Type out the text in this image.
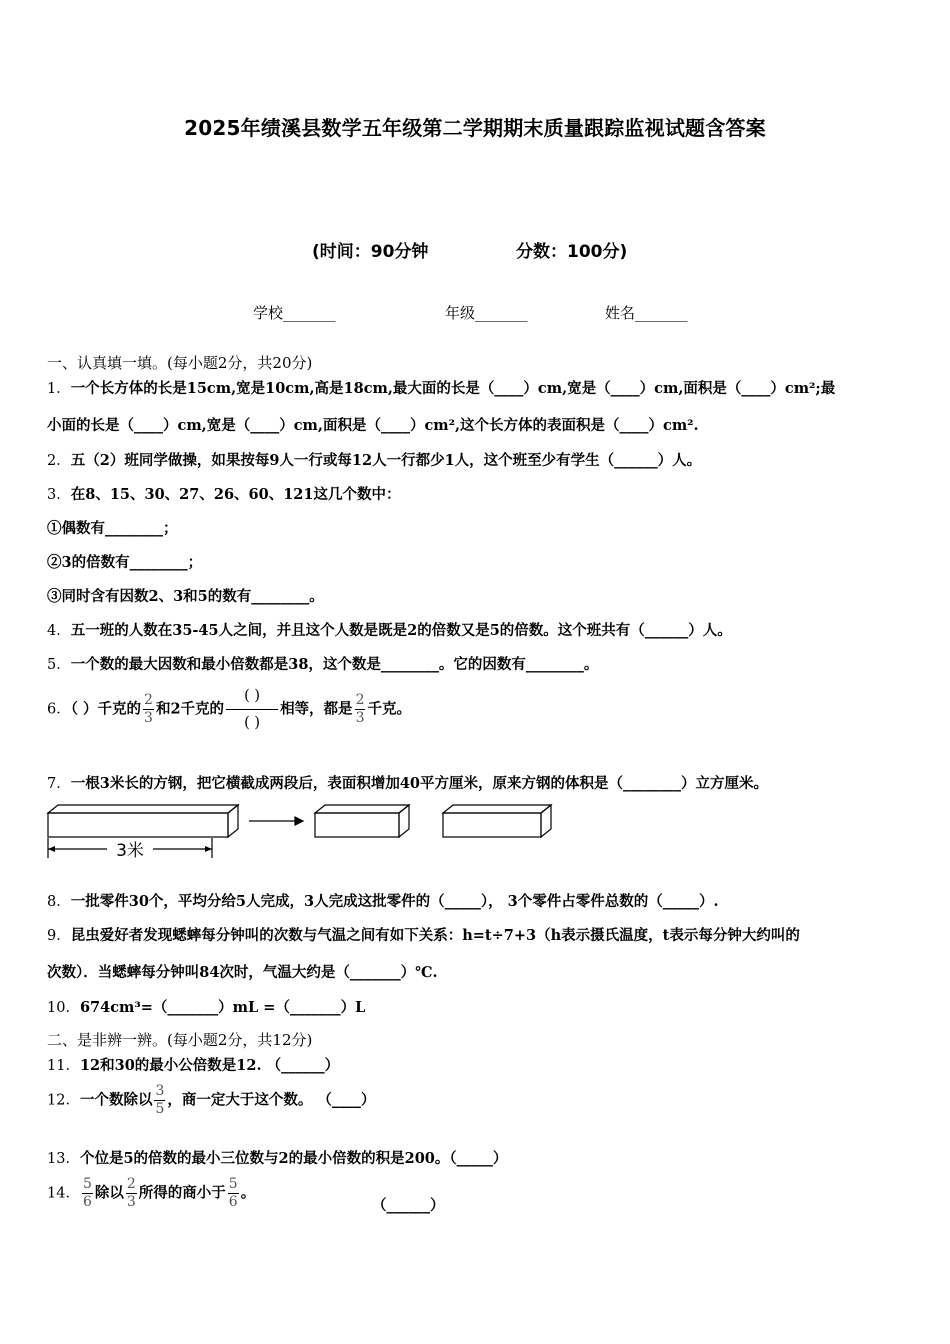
2025年绩溪县数学五年级第二学期期末质量跟踪监视试题含答案
(时间：90分钟	分数：100分)
学校_______	年级_______	姓名_______
一、认真填一填。(每小题2分，共20分)
1．一个长方体的长是15cm,宽是10cm,高是18cm,最大面的长是（____）cm,宽是（____）cm,面积是（____）cm²;最
小面的长是（____）cm,宽是（____）cm,面积是（____）cm²,这个长方体的表面积是（____）cm².
2．五（2）班同学做操，如果按每9人一行或每12人一行都少1人，这个班至少有学生（______）人。
3．在8、15、30、27、26、60、121这几个数中：
①偶数有________；
②3的倍数有________；
③同时含有因数2、3和5的数有________。
4．五一班的人数在35-45人之间，并且这个人数是既是2的倍数又是5的倍数。这个班共有（______）人。
5．一个数的最大因数和最小倍数都是38，这个数是________。它的因数有________。
6．（ ）千克的 $\frac{2}{3}$ 和2千克的 $\frac{( )}{( )}$ 相等，都是 $\frac{2}{3}$ 千克。
7．一根3米长的方钢，把它横截成两段后，表面积增加40平方厘米，原来方钢的体积是（________）立方厘米。
3米
8．一批零件30个，平均分给5人完成，3人完成这批零件的（_____）， 3个零件占零件总数的（_____）.
9．昆虫爱好者发现蟋蟀每分钟叫的次数与气温之间有如下关系：h=t÷7+3（h表示摄氏温度，t表示每分钟大约叫的
次数）．当蟋蟀每分钟叫84次时，气温大约是（_______）℃.
10．674cm³=（_______）mL =（_______）L
二、是非辨一辨。(每小题2分，共12分)
11．12和30的最小公倍数是12. （______）
12．一个数除以 $\frac{3}{5}$ ，商一定大于这个数。 （____）
13．个位是5的倍数的最小三位数与2的最小倍数的积是200。（_____）
14． $\frac{5}{6}$ 除以 $\frac{2}{3}$ 所得的商小于 $\frac{5}{6}$ 。
（______）
